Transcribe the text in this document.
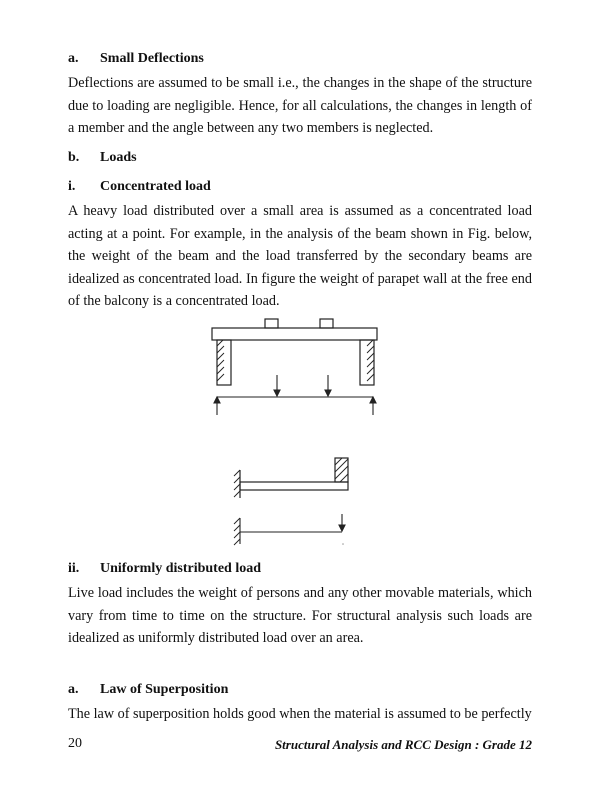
a. Small Deflections
Deflections are assumed to be small i.e., the changes in the shape of the structure due to loading are negligible. Hence, for all calculations, the changes in length of a member and the angle between any two members is neglected.
b. Loads
i. Concentrated load
A heavy load distributed over a small area is assumed as a concentrated load acting at a point. For example, in the analysis of the beam shown in Fig. below, the weight of the beam and the load transferred by the secondary beams are idealized as concentrated load. In figure the weight of parapet wall at the free end of the balcony is a concentrated load.
ii. Uniformly distributed load
Live load includes the weight of persons and any other movable materials, which vary from time to time on the structure. For structural analysis such loads are idealized as uniformly distributed load over an area.
a. Law of Superposition
The law of superposition holds good when the material is assumed to be perfectly
20	Structural Analysis and RCC Design : Grade 12
